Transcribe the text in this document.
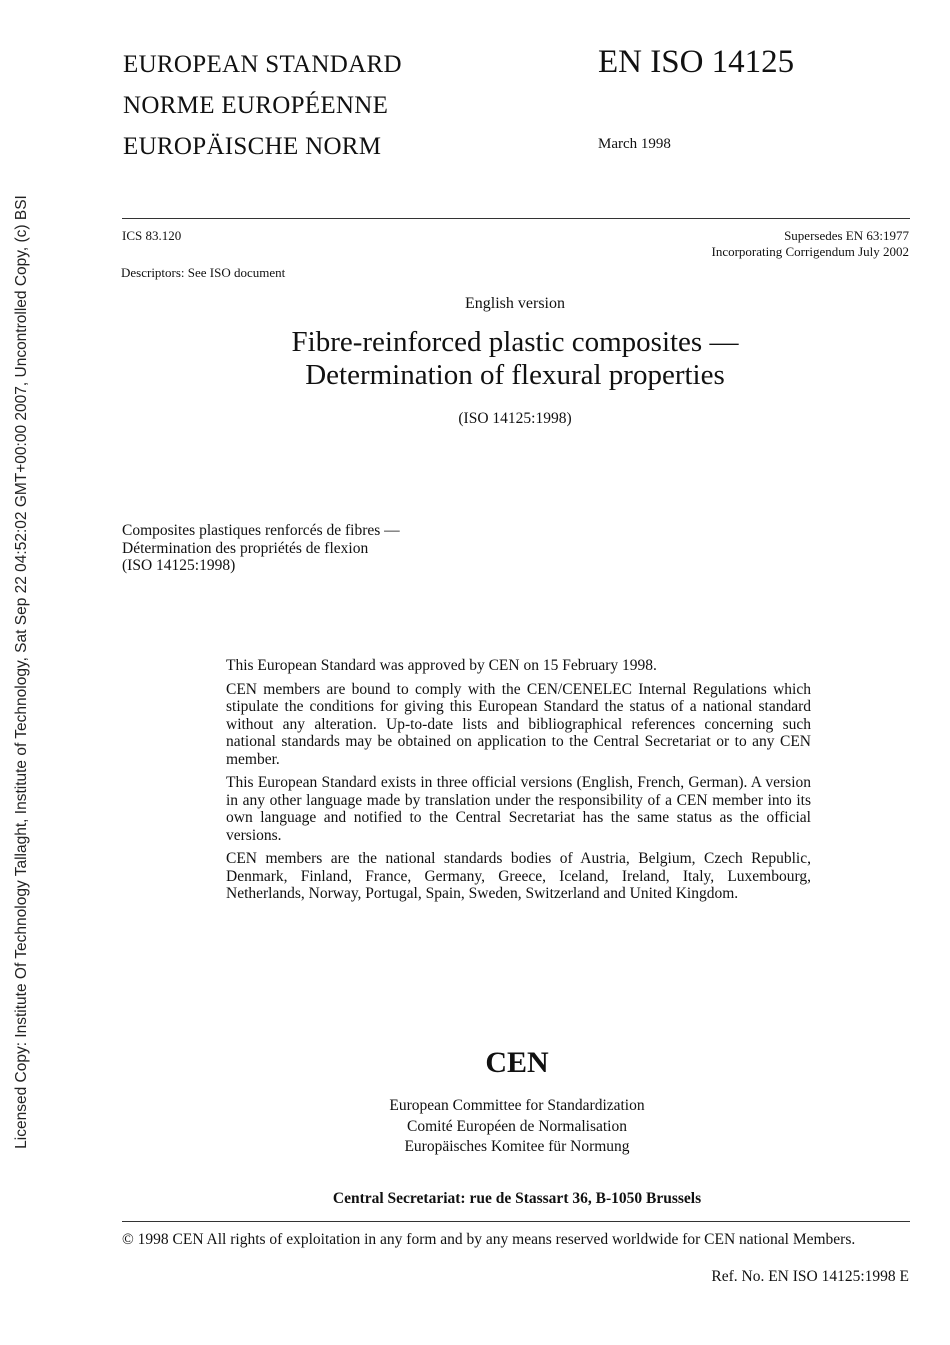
Licensed Copy: Institute Of Technology Tallaght, Institute of Technology, Sat Sep 22 04:52:02 GMT+00:00 2007, Uncontrolled Copy, (c) BSI
EUROPEAN STANDARD
NORME EUROPÉENNE
EUROPÄISCHE NORM
EN ISO 14125
March 1998
ICS 83.120	Supersedes EN 63:1977
Incorporating Corrigendum July 2002
Descriptors: See ISO document
English version
Fibre-reinforced plastic composites —
Determination of flexural properties
(ISO 14125:1998)
Composites plastiques renforcés de fibres —
Détermination des propriétés de flexion
(ISO 14125:1998)

This European Standard was approved by CEN on 15 February 1998.

CEN members are bound to comply with the CEN/CENELEC Internal Regulations which stipulate the conditions for giving this European Standard the status of a national standard without any alteration. Up-to-date lists and bibliographical references concerning such national standards may be obtained on application to the Central Secretariat or to any CEN member.

This European Standard exists in three official versions (English, French, German). A version in any other language made by translation under the responsibility of a CEN member into its own language and notified to the Central Secretariat has the same status as the official versions.

CEN members are the national standards bodies of Austria, Belgium, Czech Republic, Denmark, Finland, France, Germany, Greece, Iceland, Ireland, Italy, Luxembourg, Netherlands, Norway, Portugal, Spain, Sweden, Switzerland and United Kingdom.

CEN
European Committee for Standardization
Comité Européen de Normalisation
Europäisches Komitee für Normung
Central Secretariat: rue de Stassart 36, B-1050 Brussels
© 1998 CEN All rights of exploitation in any form and by any means reserved worldwide for CEN national Members.
Ref. No. EN ISO 14125:1998 E
